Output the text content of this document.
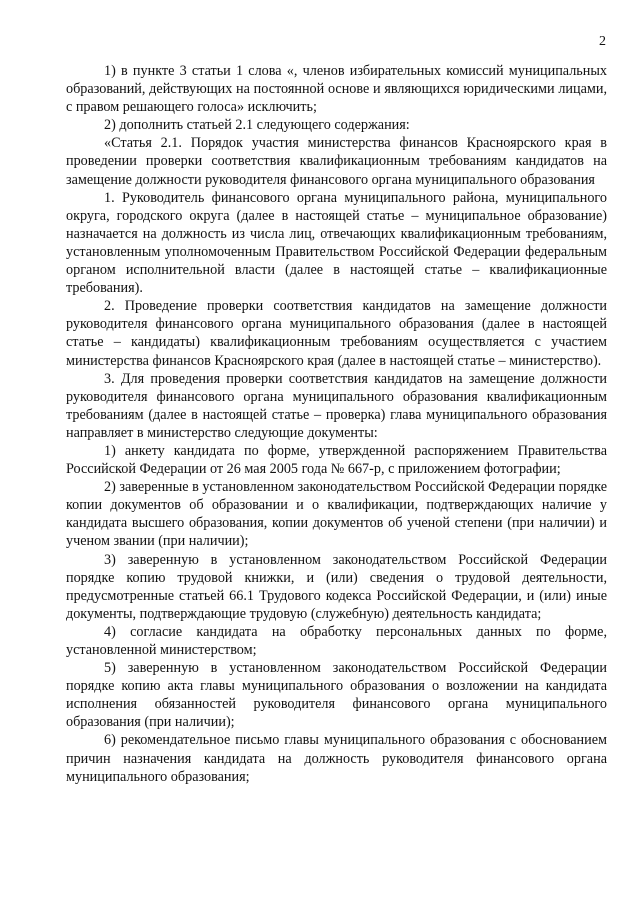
2

1) в пункте 3 статьи 1 слова «, членов избирательных комиссий муниципальных образований, действующих на постоянной основе и являющихся юридическими лицами, с правом решающего голоса» исключить;

2) дополнить статьей 2.1 следующего содержания:

«Статья 2.1. Порядок участия министерства финансов Красноярского края в проведении проверки соответствия квалификационным требованиям кандидатов на замещение должности руководителя финансового органа муниципального образования

1. Руководитель финансового органа муниципального района, муниципального округа, городского округа (далее в настоящей статье – муниципальное образование) назначается на должность из числа лиц, отвечающих квалификационным требованиям, установленным уполномоченным Правительством Российской Федерации федеральным органом исполнительной власти (далее в настоящей статье – квалификационные требования).

2. Проведение проверки соответствия кандидатов на замещение должности руководителя финансового органа муниципального образования (далее в настоящей статье – кандидаты) квалификационным требованиям осуществляется с участием министерства финансов Красноярского края (далее в настоящей статье – министерство).

3. Для проведения проверки соответствия кандидатов на замещение должности руководителя финансового органа муниципального образования квалификационным требованиям (далее в настоящей статье – проверка) глава муниципального образования направляет в министерство следующие документы:

1) анкету кандидата по форме, утвержденной распоряжением Правительства Российской Федерации от 26 мая 2005 года № 667-р, с приложением фотографии;

2) заверенные в установленном законодательством Российской Федерации порядке копии документов об образовании и о квалификации, подтверждающих наличие у кандидата высшего образования, копии документов об ученой степени (при наличии) и ученом звании (при наличии);

3) заверенную в установленном законодательством Российской Федерации порядке копию трудовой книжки, и (или) сведения о трудовой деятельности, предусмотренные статьей 66.1 Трудового кодекса Российской Федерации, и (или) иные документы, подтверждающие трудовую (служебную) деятельность кандидата;

4) согласие кандидата на обработку персональных данных по форме, установленной министерством;

5) заверенную в установленном законодательством Российской Федерации порядке копию акта главы муниципального образования о возложении на кандидата исполнения обязанностей руководителя финансового органа муниципального образования (при наличии);

6) рекомендательное письмо главы муниципального образования с обоснованием причин назначения кандидата на должность руководителя финансового органа муниципального образования;
